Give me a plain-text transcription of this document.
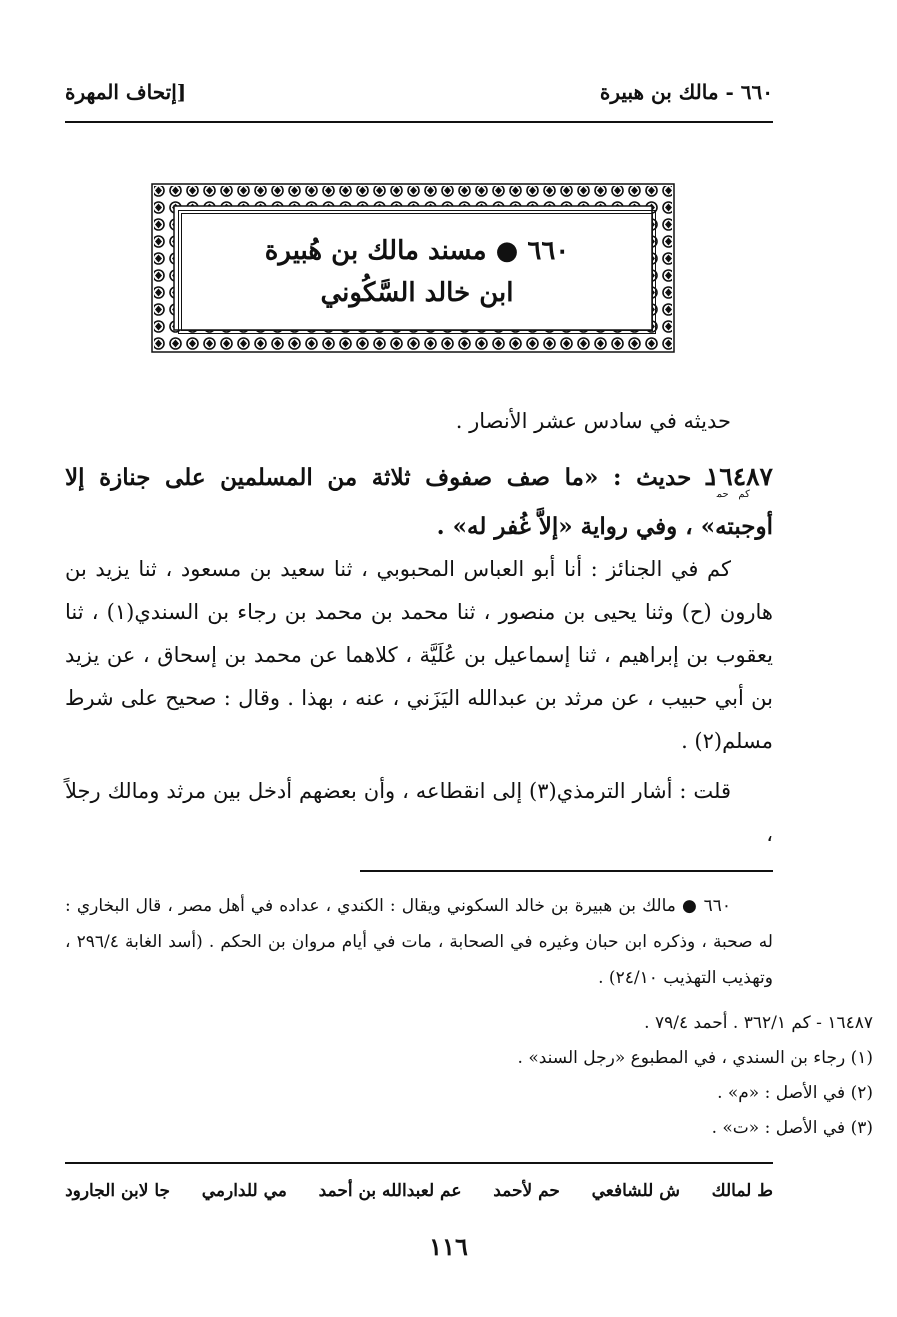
٦٦٠ - مالك بن هبيرة
[إتحاف المهرة
٦٦٠ ● مسند مالك بن هُبيرة
ابن خالد السَّكُوني
حديثه في سادس عشر الأنصار .
$١٦٤٨٧_{كم حم}ـ$ حديث : «ما صف صفوف ثلاثة من المسلمين على جنازة إلا أوجبته» ، وفي رواية «إلاَّ غُفر له» .
كم في الجنائز : أنا أبو العباس المحبوبي ، ثنا سعيد بن مسعود ، ثنا يزيد بن هارون (ح) وثنا يحيى بن منصور ، ثنا محمد بن محمد بن رجاء بن السندي(١) ، ثنا يعقوب بن إبراهيم ، ثنا إسماعيل بن عُلَيَّة ، كلاهما عن محمد بن إسحاق ، عن يزيد بن أبي حبيب ، عن مرثد بن عبدالله اليَزَني ، عنه ، بهذا . وقال : صحيح على شرط مسلم(٢) .
قلت : أشار الترمذي(٣) إلى انقطاعه ، وأن بعضهم أدخل بين مرثد ومالك رجلاً ،
٦٦٠ ● مالك بن هبيرة بن خالد السكوني ويقال : الكندي ، عداده في أهل مصر ، قال البخاري : له صحبة ، وذكره ابن حبان وغيره في الصحابة ، مات في أيام مروان بن الحكم . (أسد الغابة ٢٩٦/٤ ، وتهذيب التهذيب ٢٤/١٠) .
١٦٤٨٧ - كم ٣٦٢/١ . أحمد ٧٩/٤ .
(١) رجاء بن السندي ، في المطبوع «رجل السند» .
(٢) في الأصل : «م» .
(٣) في الأصل : «ت» .
ط لمالك
ش للشافعي
حم لأحمد
عم لعبدالله بن أحمد
مي للدارمي
جا لابن الجارود
١١٦
